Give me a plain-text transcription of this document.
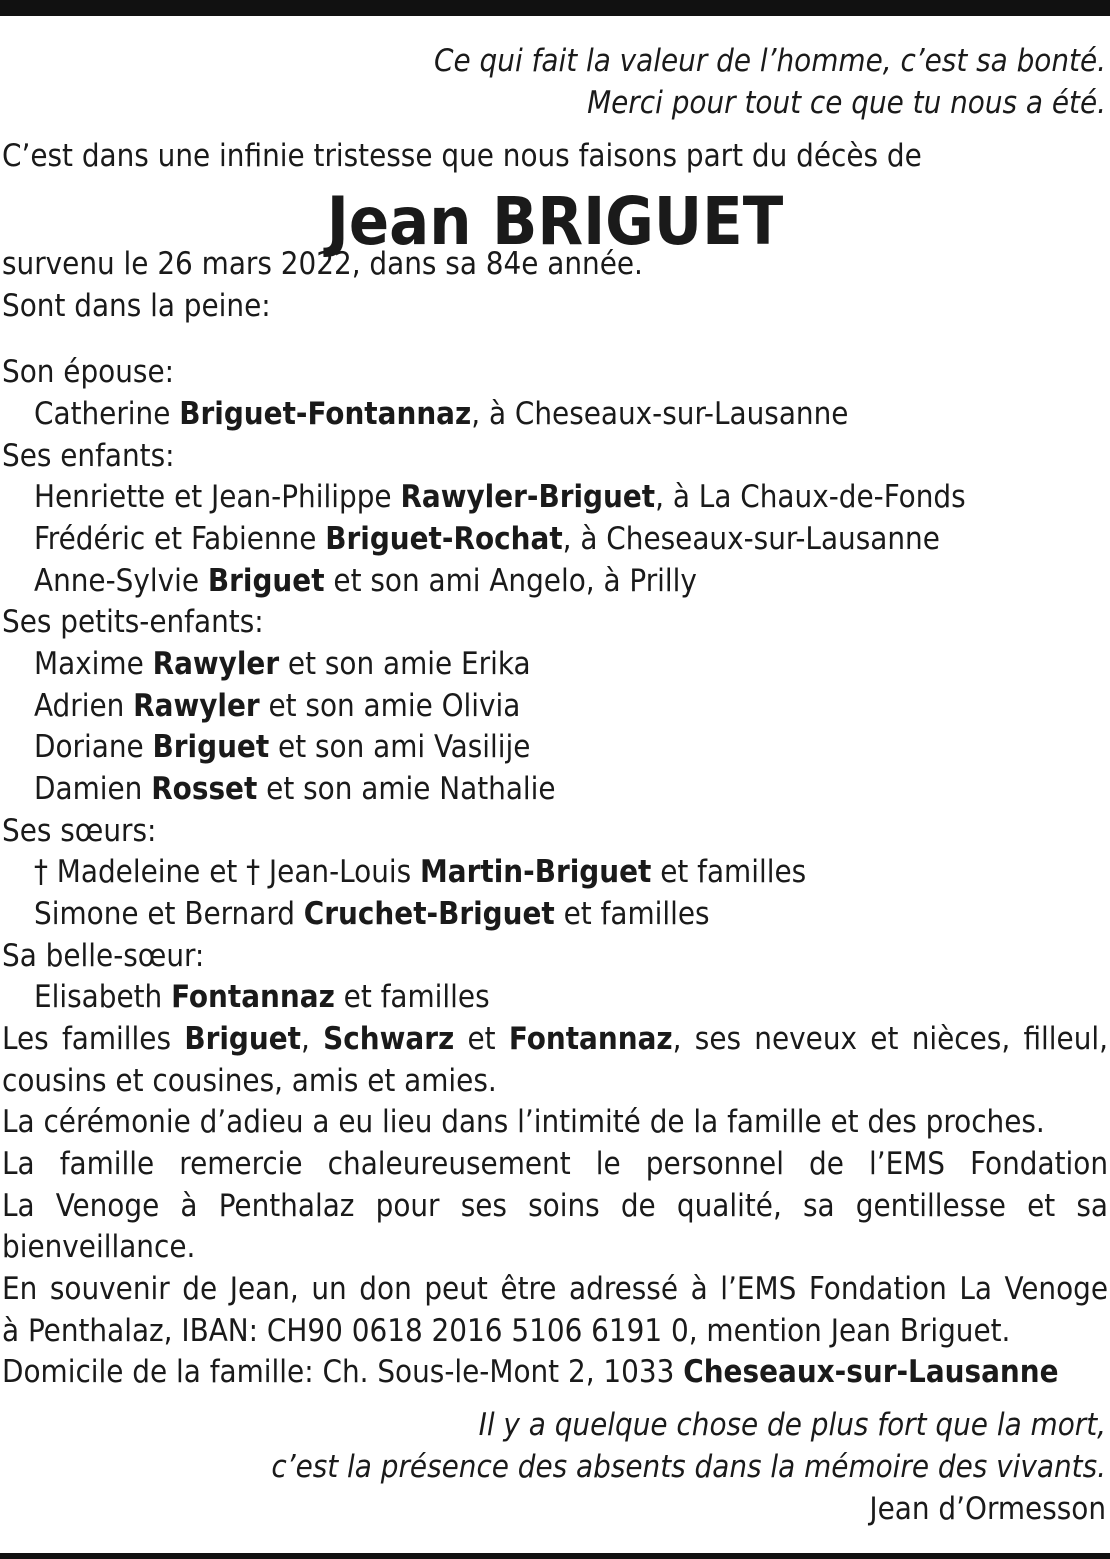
Ce qui fait la valeur de l’homme, c’est sa bonté.
Merci pour tout ce que tu nous a été.
C’est dans une infinie tristesse que nous faisons part du décès de
Jean BRIGUET
survenu le 26 mars 2022, dans sa 84e année.
Sont dans la peine:
Son épouse:
Catherine Briguet-Fontannaz, à Cheseaux-sur-Lausanne
Ses enfants:
Henriette et Jean-Philippe Rawyler-Briguet, à La Chaux-de-Fonds
Frédéric et Fabienne Briguet-Rochat, à Cheseaux-sur-Lausanne
Anne-Sylvie Briguet et son ami Angelo, à Prilly
Ses petits-enfants:
Maxime Rawyler et son amie Erika
Adrien Rawyler et son amie Olivia
Doriane Briguet et son ami Vasilije
Damien Rosset et son amie Nathalie
Ses sœurs:
† Madeleine et † Jean-Louis Martin-Briguet et familles
Simone et Bernard Cruchet-Briguet et familles
Sa belle-sœur:
Elisabeth Fontannaz et familles
Les familles Briguet, Schwarz et Fontannaz, ses neveux et nièces, filleul,
cousins et cousines, amis et amies.
La cérémonie d’adieu a eu lieu dans l’intimité de la famille et des proches.
La famille remercie chaleureusement le personnel de l’EMS Fondation
La Venoge à Penthalaz pour ses soins de qualité, sa gentillesse et sa
bienveillance.
En souvenir de Jean, un don peut être adressé à l’EMS Fondation La Venoge
à Penthalaz, IBAN: CH90 0618 2016 5106 6191 0, mention Jean Briguet.
Domicile de la famille: Ch. Sous-le-Mont 2, 1033 Cheseaux-sur-Lausanne
Il y a quelque chose de plus fort que la mort,
c’est la présence des absents dans la mémoire des vivants.
Jean d’Ormesson
